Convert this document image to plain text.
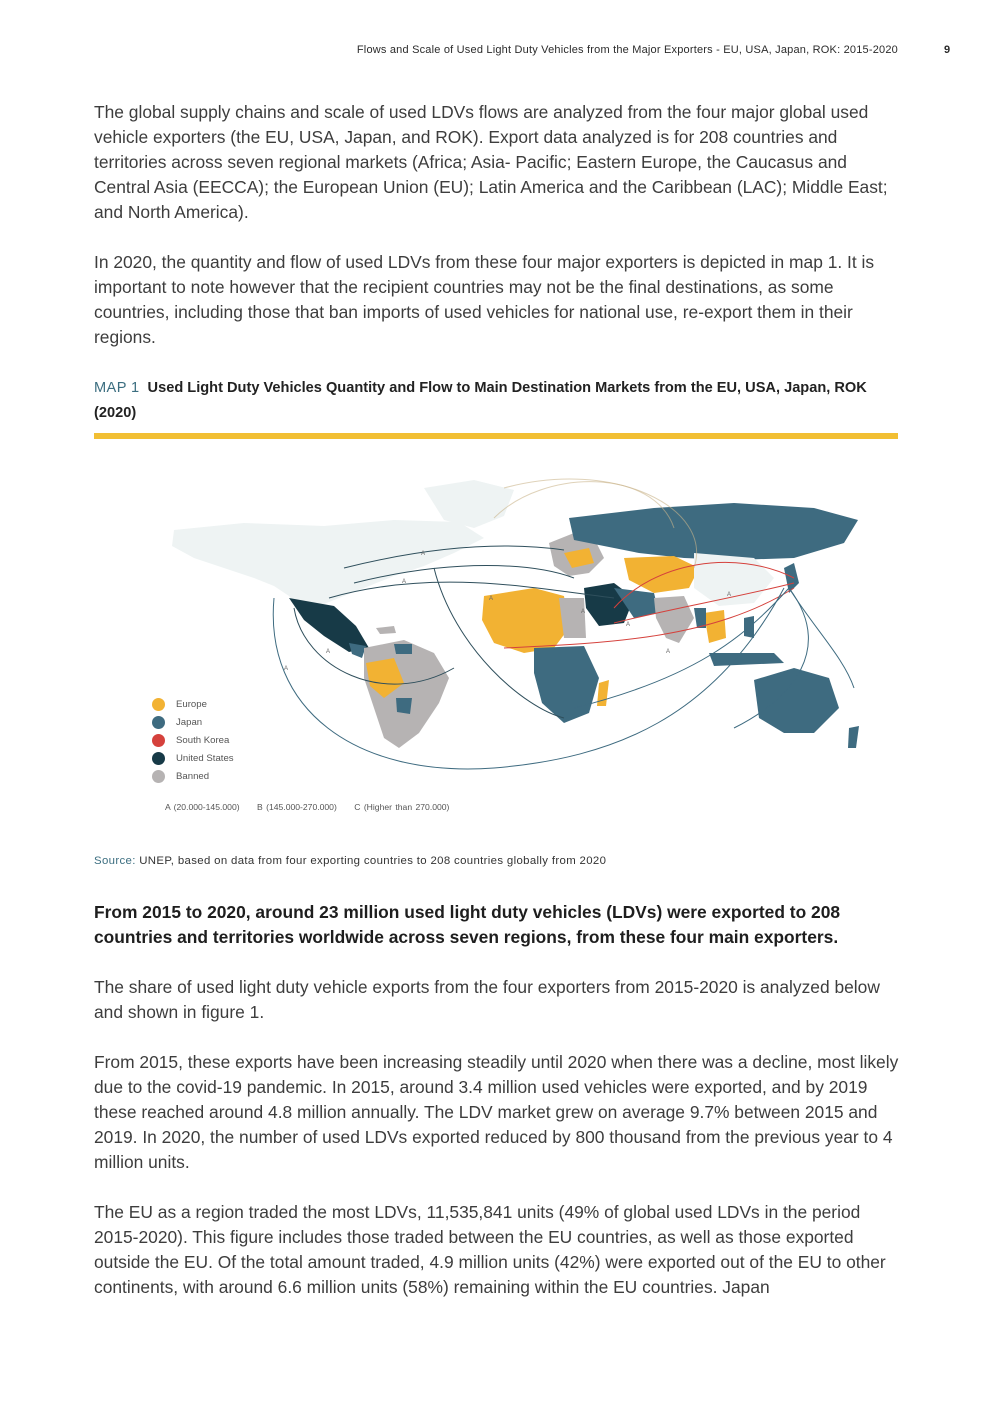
Flows and Scale of Used Light Duty Vehicles from the Major Exporters - EU, USA, Japan, ROK: 2015-2020	9

The global supply chains and scale of used LDVs flows are analyzed from the four major global used vehicle exporters (the EU, USA, Japan, and ROK). Export data analyzed is for 208 countries and territories across seven regional markets (Africa; Asia- Pacific; Eastern Europe, the Caucasus and Central Asia (EECCA); the European Union (EU); Latin America and the Caribbean (LAC); Middle East; and North America).

In 2020, the quantity and flow of used LDVs from these four major exporters is depicted in map 1. It is important to note however that the recipient countries may not be the final destinations, as some countries, including those that ban imports of used vehicles for national use, re-export them in their regions.

MAP 1 Used Light Duty Vehicles Quantity and Flow to Main Destination Markets from the EU, USA, Japan, ROK (2020)
A
A
A
A
A
A
A
A
A
Europe
Japan
South Korea
United States
Banned
A (20.000-145.000) B (145.000-270.000) C (Higher than 270.000)
Source: UNEP, based on data from four exporting countries to 208 countries globally from 2020

From 2015 to 2020, around 23 million used light duty vehicles (LDVs) were exported to 208 countries and territories worldwide across seven regions, from these four main exporters.

The share of used light duty vehicle exports from the four exporters from 2015-2020 is analyzed below and shown in figure 1.

From 2015, these exports have been increasing steadily until 2020 when there was a decline, most likely due to the covid-19 pandemic. In 2015, around 3.4 million used vehicles were exported, and by 2019 these reached around 4.8 million annually. The LDV market grew on average 9.7% between 2015 and 2019. In 2020, the number of used LDVs exported reduced by 800 thousand from the previous year to 4 million units.

The EU as a region traded the most LDVs, 11,535,841 units (49% of global used LDVs in the period 2015-2020). This figure includes those traded between the EU countries, as well as those exported outside the EU. Of the total amount traded, 4.9 million units (42%) were exported out of the EU to other continents, with around 6.6 million units (58%) remaining within the EU countries. Japan
